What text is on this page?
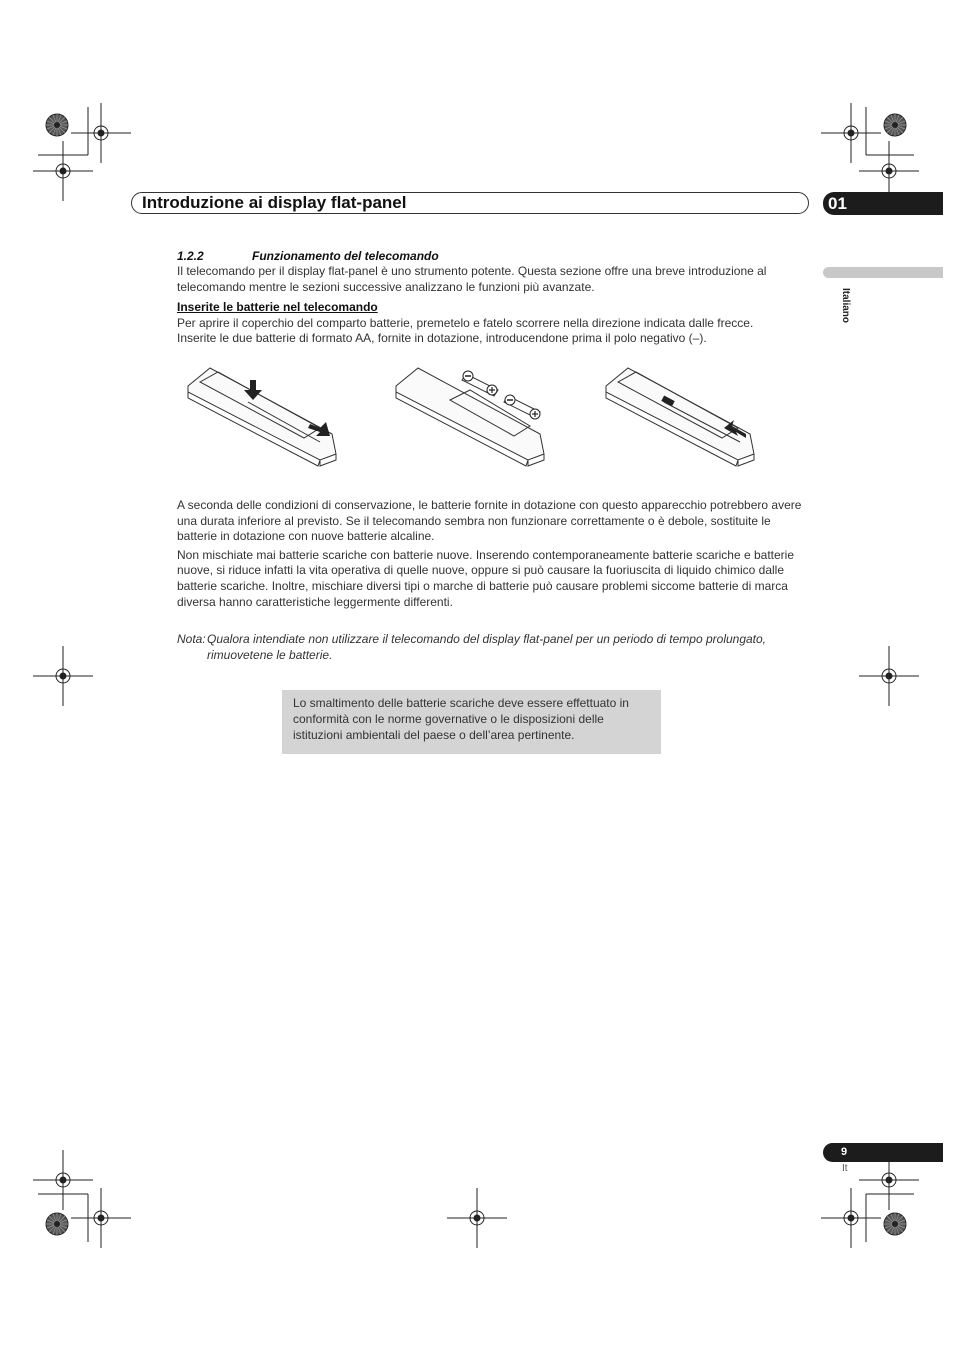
Introduzione ai display flat-panel	01
Italiano
1.2.2	Funzionamento del telecomando

Il telecomando per il display flat-panel è uno strumento potente. Questa sezione offre una breve introduzione al telecomando mentre le sezioni successive analizzano le funzioni più avanzate.

Inserite le batterie nel telecomando

Per aprire il coperchio del comparto batterie, premetelo e fatelo scorrere nella direzione indicata dalle frecce.

Inserite le due batterie di formato AA, fornite in dotazione, introducendone prima il polo negativo (–).

A seconda delle condizioni di conservazione, le batterie fornite in dotazione con questo apparecchio potrebbero avere una durata inferiore al previsto. Se il telecomando sembra non funzionare correttamente o è debole, sostituite le batterie in dotazione con nuove batterie alcaline.

Non mischiate mai batterie scariche con batterie nuove. Inserendo contemporaneamente batterie scariche e batterie nuove, si riduce infatti la vita operativa di quelle nuove, oppure si può causare la fuoriuscita di liquido chimico dalle batterie scariche. Inoltre, mischiare diversi tipi o marche di batterie può causare problemi siccome batterie di marca diversa hanno caratteristiche leggermente differenti.

Nota:Qualora intendiate non utilizzare il telecomando del display flat-panel per un periodo di tempo prolungato,
rimuovetene le batterie.
Lo smaltimento delle batterie scariche deve essere effettuato in conformità con le norme governative o le disposizioni delle istituzioni ambientali del paese o dell’area pertinente.
9
It
